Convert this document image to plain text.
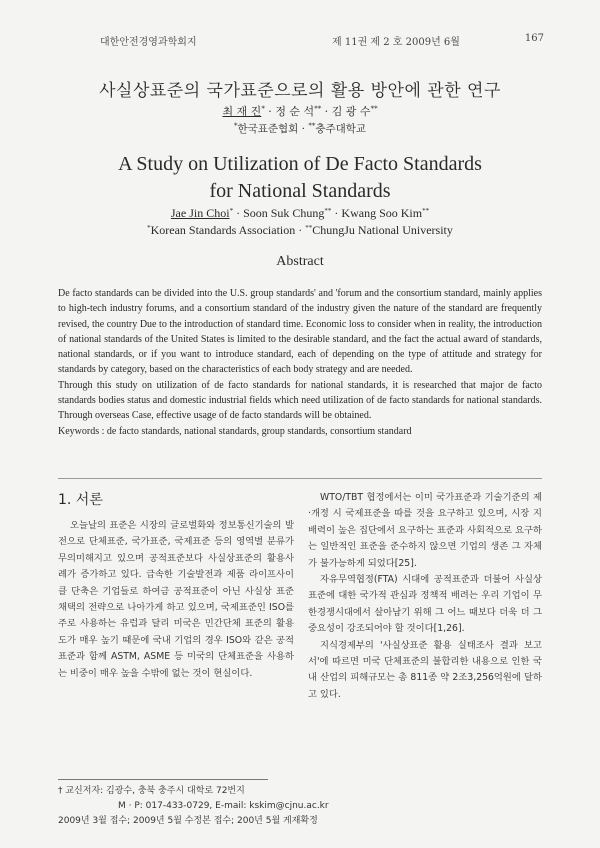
대한안전경영과학회지	제 11권 제 2 호 2009년 6월	167
사실상표준의 국가표준으로의 활용 방안에 관한 연구
최 재 진* · 정 순 석** · 김 광 수**
*한국표준협회 · **충주대학교
A Study on Utilization of De Facto Standards
for National Standards
Jae Jin Choi* · Soon Suk Chung** · Kwang Soo Kim**
*Korean Standards Association · **ChungJu National University
Abstract

De facto standards can be divided into the U.S. group standards' and 'forum and the consortium standard, mainly applies to high-tech industry forums, and a consortium standard of the industry given the nature of the standard are frequently revised, the country Due to the introduction of standard time. Economic loss to consider when in reality, the introduction of national standards of the United States is limited to the desirable standard, and the fact the actual award of standards, national standards, or if you want to introduce standard, each of depending on the type of attitude and strategy for standards by category, based on the characteristics of each body strategy and are needed.

Through this study on utilization of de facto standards for national standards, it is researched that major de facto standards bodies status and domestic industrial fields which need utilization of de facto standards for national standards. Through overseas Case, effective usage of de facto standards will be obtained.

Keywords : de facto standards, national standards, group standards, consortium standard

1. 서론

오늘날의 표준은 시장의 글로벌화와 정보통신기술의 발전으로 단체표준, 국가표준, 국제표준 등의 영역별 분류가 무의미해지고 있으며 공적표준보다 사실상표준의 활용사례가 증가하고 있다. 급속한 기술발전과 제품 라이프사이클 단축은 기업들로 하여금 공적표준이 아닌 사실상 표준 채택의 전략으로 나아가게 하고 있으며, 국제표준인 ISO를 주로 사용하는 유럽과 달리 미국은 민간단체 표준의 활용도가 매우 높기 때문에 국내 기업의 경우 ISO와 같은 공적표준과 함께 ASTM, ASME 등 미국의 단체표준을 사용하는 비중이 매우 높을 수밖에 없는 것이 현실이다.

WTO/TBT 협정에서는 이미 국가표준과 기술기준의 제·개정 시 국제표준을 따를 것을 요구하고 있으며, 시장 지배력이 높은 집단에서 요구하는 표준과 사회적으로 요구하는 일반적인 표준을 준수하지 않으면 기업의 생존 그 자체가 불가능하게 되었다[25].

자유무역협정(FTA) 시대에 공적표준과 더불어 사실상표준에 대한 국가적 관심과 정책적 배려는 우리 기업이 무한경쟁시대에서 살아남기 위해 그 어느 때보다 더욱 더 그 중요성이 강조되어야 할 것이다[1,26].

지식경제부의 '사실상표준 활용 실태조사 결과 보고서'에 따르면 미국 단체표준의 불합리한 내용으로 인한 국내 산업의 피해규모는 총 811종 약 2조3,256억원에 달하고 있다.

† 교신저자: 김광수, 충북 충주시 대학로 72번지
M · P: 017-433-0729, E-mail: kskim@cjnu.ac.kr
2009년 3월 접수; 2009년 5월 수정본 접수; 200년 5월 게재확정
